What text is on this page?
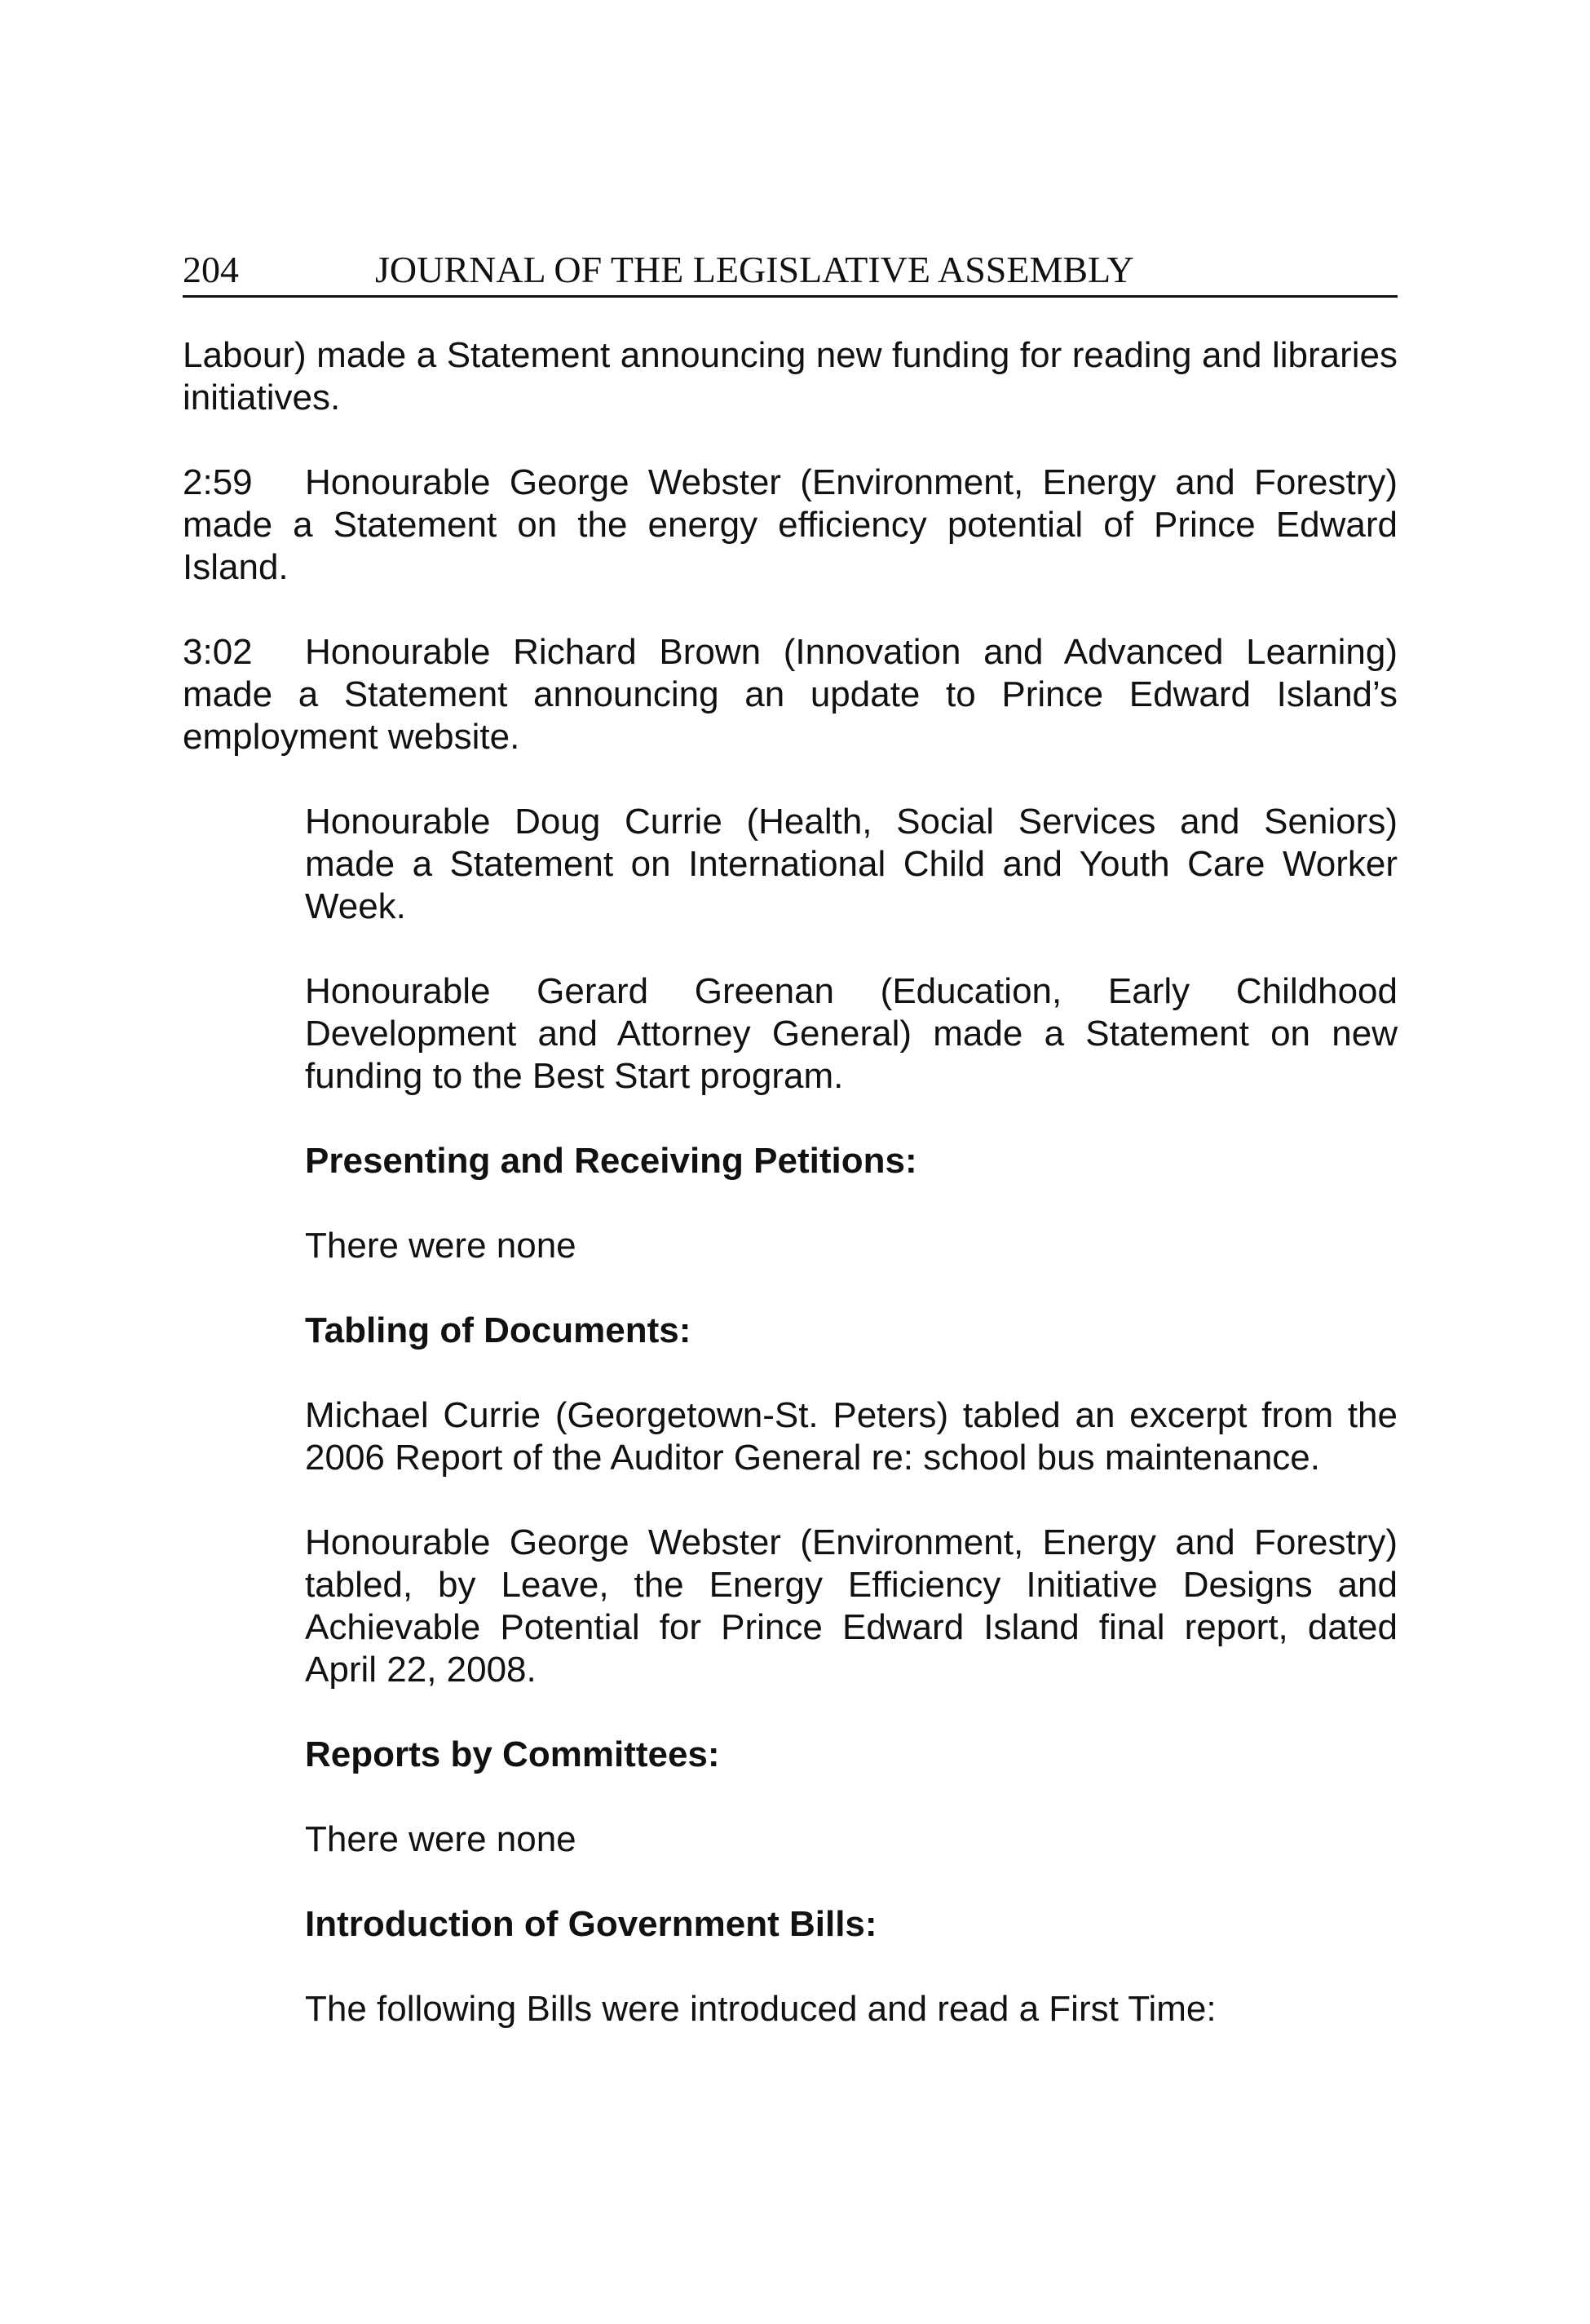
204	JOURNAL OF THE LEGISLATIVE ASSEMBLY

Labour) made a Statement announcing new funding for reading and libraries initiatives.

2:59 Honourable George Webster (Environment, Energy and Forestry) made a Statement on the energy efficiency potential of Prince Edward Island.

3:02 Honourable Richard Brown (Innovation and Advanced Learning) made a Statement announcing an update to Prince Edward Island’s employment website.

Honourable Doug Currie (Health, Social Services and Seniors) made a Statement on International Child and Youth Care Worker Week.

Honourable Gerard Greenan (Education, Early Childhood Development and Attorney General) made a Statement on new funding to the Best Start program.

Presenting and Receiving Petitions:

There were none

Tabling of Documents:

Michael Currie (Georgetown-St. Peters) tabled an excerpt from the 2006 Report of the Auditor General re: school bus maintenance.

Honourable George Webster (Environment, Energy and Forestry) tabled, by Leave, the Energy Efficiency Initiative Designs and Achievable Potential for Prince Edward Island final report, dated April 22, 2008.

Reports by Committees:

There were none

Introduction of Government Bills:

The following Bills were introduced and read a First Time:
